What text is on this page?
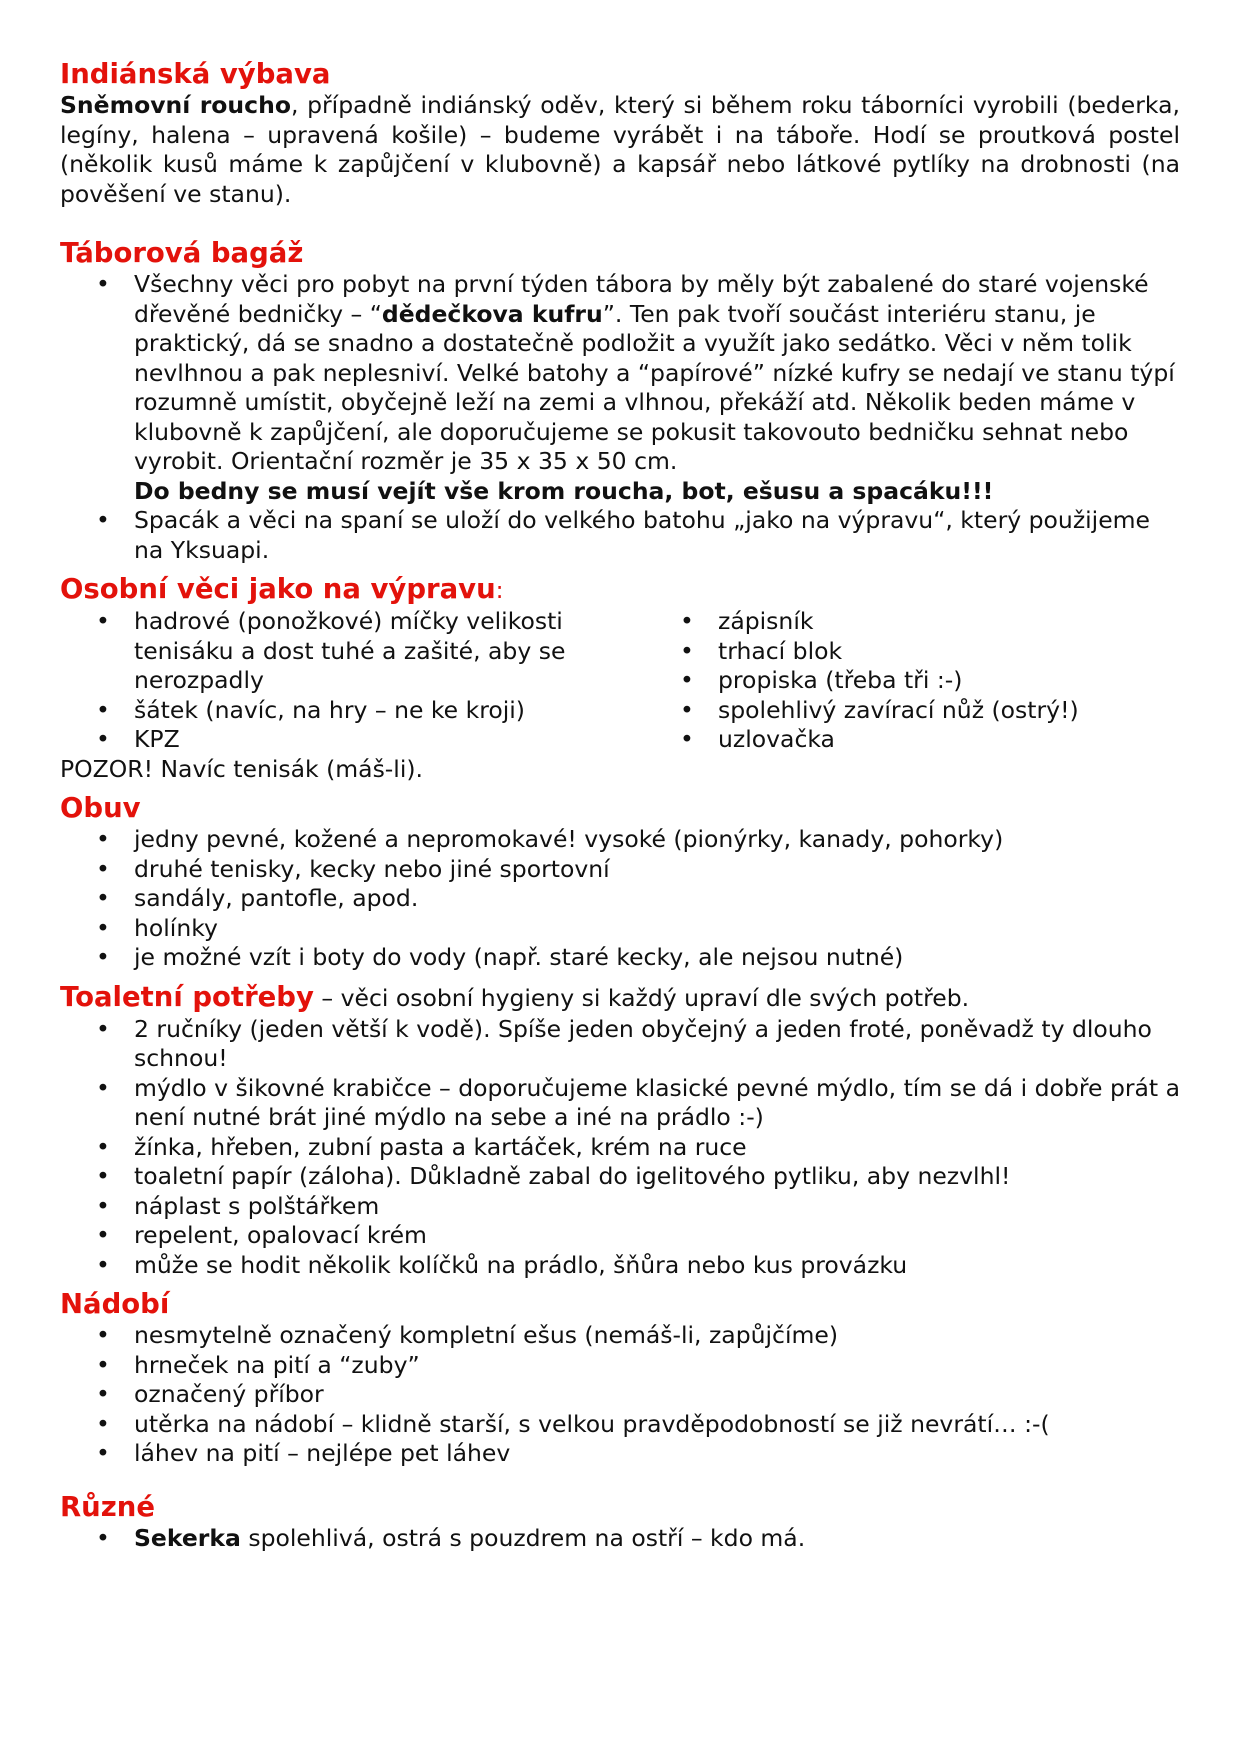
Indiánská výbava

Sněmovní roucho, případně indiánský oděv, který si během roku táborníci vyrobili (bederka, legíny, halena – upravená košile) – budeme vyrábět i na táboře. Hodí se proutková postel (několik kusů máme k zapůjčení v klubovně) a kapsář nebo látkové pytlíky na drobnosti (na pověšení ve stanu).

Táborová bagáž
• Všechny věci pro pobyt na první týden tábora by měly být zabalené do staré vojenské dřevěné bedničky – “dědečkova kufru”. Ten pak tvoří součást interiéru stanu, je praktický, dá se snadno a dostatečně podložit a využít jako sedátko. Věci v něm tolik nevlhnou a pak neplesniví. Velké batohy a “papírové” nízké kufry se nedají ve stanu týpí rozumně umístit, obyčejně leží na zemi a vlhnou, překáží atd. Několik beden máme v klubovně k zapůjčení, ale doporučujeme se pokusit takovouto bedničku sehnat nebo vyrobit. Orientační rozměr je 35 x 35 x 50 cm.
Do bedny se musí vejít vše krom roucha, bot, ešusu a spacáku!!!
• Spacák a věci na spaní se uloží do velkého batohu „jako na výpravu“, který použijeme na Yksuapi.
Osobní věci jako na výpravu:
• hadrové (ponožkové) míčky velikosti tenisáku a dost tuhé a zašité, aby se nerozpadly
• šátek (navíc, na hry – ne ke kroji)
• KPZ
• zápisník
• trhací blok
• propiska (třeba tři :-)
• spolehlivý zavírací nůž (ostrý!)
• uzlovačka

POZOR! Navíc tenisák (máš-li).

Obuv
• jedny pevné, kožené a nepromokavé! vysoké (pionýrky, kanady, pohorky)
• druhé tenisky, kecky nebo jiné sportovní
• sandály, pantofle, apod.
• holínky
• je možné vzít i boty do vody (např. staré kecky, ale nejsou nutné)
Toaletní potřeby – věci osobní hygieny si každý upraví dle svých potřeb.
• 2 ručníky (jeden větší k vodě). Spíše jeden obyčejný a jeden froté, poněvadž ty dlouho schnou!
• mýdlo v šikovné krabičce – doporučujeme klasické pevné mýdlo, tím se dá i dobře prát a není nutné brát jiné mýdlo na sebe a iné na prádlo :-)
• žínka, hřeben, zubní pasta a kartáček, krém na ruce
• toaletní papír (záloha). Důkladně zabal do igelitového pytliku, aby nezvlhl!
• náplast s polštářkem
• repelent, opalovací krém
• může se hodit několik kolíčků na prádlo, šňůra nebo kus provázku
Nádobí
• nesmytelně označený kompletní ešus (nemáš-li, zapůjčíme)
• hrneček na pití a “zuby”
• označený příbor
• utěrka na nádobí – klidně starší, s velkou pravděpodobností se již nevrátí… :-(
• láhev na pití – nejlépe pet láhev
Různé
• Sekerka spolehlivá, ostrá s pouzdrem na ostří – kdo má.
